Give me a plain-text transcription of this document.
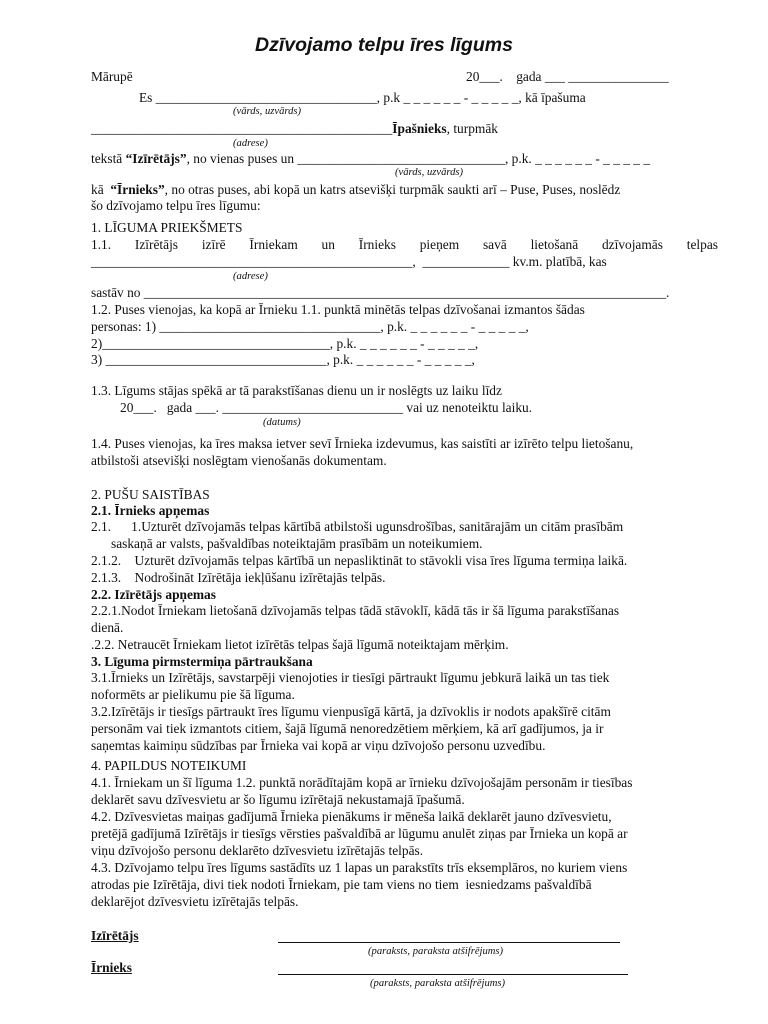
Dzīvojamo telpu īres līgums
Mārupē	20___.    gada ___ _______________
Es _________________________________, p.k _ _ _ _ _ _ - _ _ _ _ _, kā īpašuma
(vārds, uzvārds)
_____________________________________________Īpašnieks, turpmāk
(adrese)
tekstā “Izīrētājs”, no vienas puses un _______________________________, p.k. _ _ _ _ _ _ - _ _ _ _ _
(vārds, uzvārds)
kā  “Īrnieks”, no otras puses, abi kopā un katrs atsevišķi turpmāk saukti arī – Puse, Puses, noslēdz
šo dzīvojamo telpu īres līgumu:
1. LĪGUMA PRIEKŠMETS
1.1. Izīrētājs izīrē Īrniekam un Īrnieks pieņem savā lietošanā dzīvojamās telpas
________________________________________________,  _____________ kv.m. platībā, kas
(adrese)
sastāv no ______________________________________________________________________________.
1.2. Puses vienojas, ka kopā ar Īrnieku 1.1. punktā minētās telpas dzīvošanai izmantos šādas
personas: 1) _________________________________, p.k. _ _ _ _ _ _ - _ _ _ _ _,
2)__________________________________, p.k. _ _ _ _ _ _ - _ _ _ _ _,
3) _________________________________, p.k. _ _ _ _ _ _ - _ _ _ _ _,
1.3. Līgums stājas spēkā ar tā parakstīšanas dienu un ir noslēgts uz laiku līdz
20___.   gada ___. ___________________________ vai uz nenoteiktu laiku.
(datums)
1.4. Puses vienojas, ka īres maksa ietver sevī Īrnieka izdevumus, kas saistīti ar izīrēto telpu lietošanu,
atbilstoši atsevišķi noslēgtam vienošanās dokumentam.
2. PUŠU SAISTĪBAS
2.1. Īrnieks apņemas
2.1.      1.Uzturēt dzīvojamās telpas kārtībā atbilstoši ugunsdrošības, sanitārajām un citām prasībām
saskaņā ar valsts, pašvaldības noteiktajām prasībām un noteikumiem.
2.1.2.    Uzturēt dzīvojamās telpas kārtībā un nepasliktināt to stāvokli visa īres līguma termiņa laikā.
2.1.3.    Nodrošināt Izīrētāja iekļūšanu izīrētajās telpās.
2.2. Izīrētājs apņemas
2.2.1.Nodot Īrniekam lietošanā dzīvojamās telpas tādā stāvoklī, kādā tās ir šā līguma parakstīšanas
dienā.
.2.2. Netraucēt Īrniekam lietot izīrētās telpas šajā līgumā noteiktajam mērķim.
3. Līguma pirmstermiņa pārtraukšana
3.1.Īrnieks un Izīrētājs, savstarpēji vienojoties ir tiesīgi pārtraukt līgumu jebkurā laikā un tas tiek
noformēts ar pielikumu pie šā līguma.
3.2.Izīrētājs ir tiesīgs pārtraukt īres līgumu vienpusīgā kārtā, ja dzīvoklis ir nodots apakšīrē citām
personām vai tiek izmantots citiem, šajā līgumā nenoredzētiem mērķiem, kā arī gadījumos, ja ir
saņemtas kaimiņu sūdzības par Īrnieka vai kopā ar viņu dzīvojošo personu uzvedību.
4. PAPILDUS NOTEIKUMI
4.1. Īrniekam un šī līguma 1.2. punktā norādītajām kopā ar īrnieku dzīvojošajām personām ir tiesības
deklarēt savu dzīvesvietu ar šo līgumu izīrētajā nekustamajā īpašumā.
4.2. Dzīvesvietas maiņas gadījumā Īrnieka pienākums ir mēneša laikā deklarēt jauno dzīvesvietu,
pretējā gadījumā Izīrētājs ir tiesīgs vērsties pašvaldībā ar lūgumu anulēt ziņas par Īrnieka un kopā ar
viņu dzīvojošo personu deklarēto dzīvesvietu izīrētajās telpās.
4.3. Dzīvojamo telpu īres līgums sastādīts uz 1 lapas un parakstīts trīs eksemplāros, no kuriem viens
atrodas pie Izīrētāja, divi tiek nodoti Īrniekam, pie tam viens no tiem  iesniedzams pašvaldībā
deklarējot dzīvesvietu izīrētajās telpās.
Izīrētājs
(paraksts, paraksta atšifrējums)
Īrnieks
(paraksts, paraksta atšifrējums)
